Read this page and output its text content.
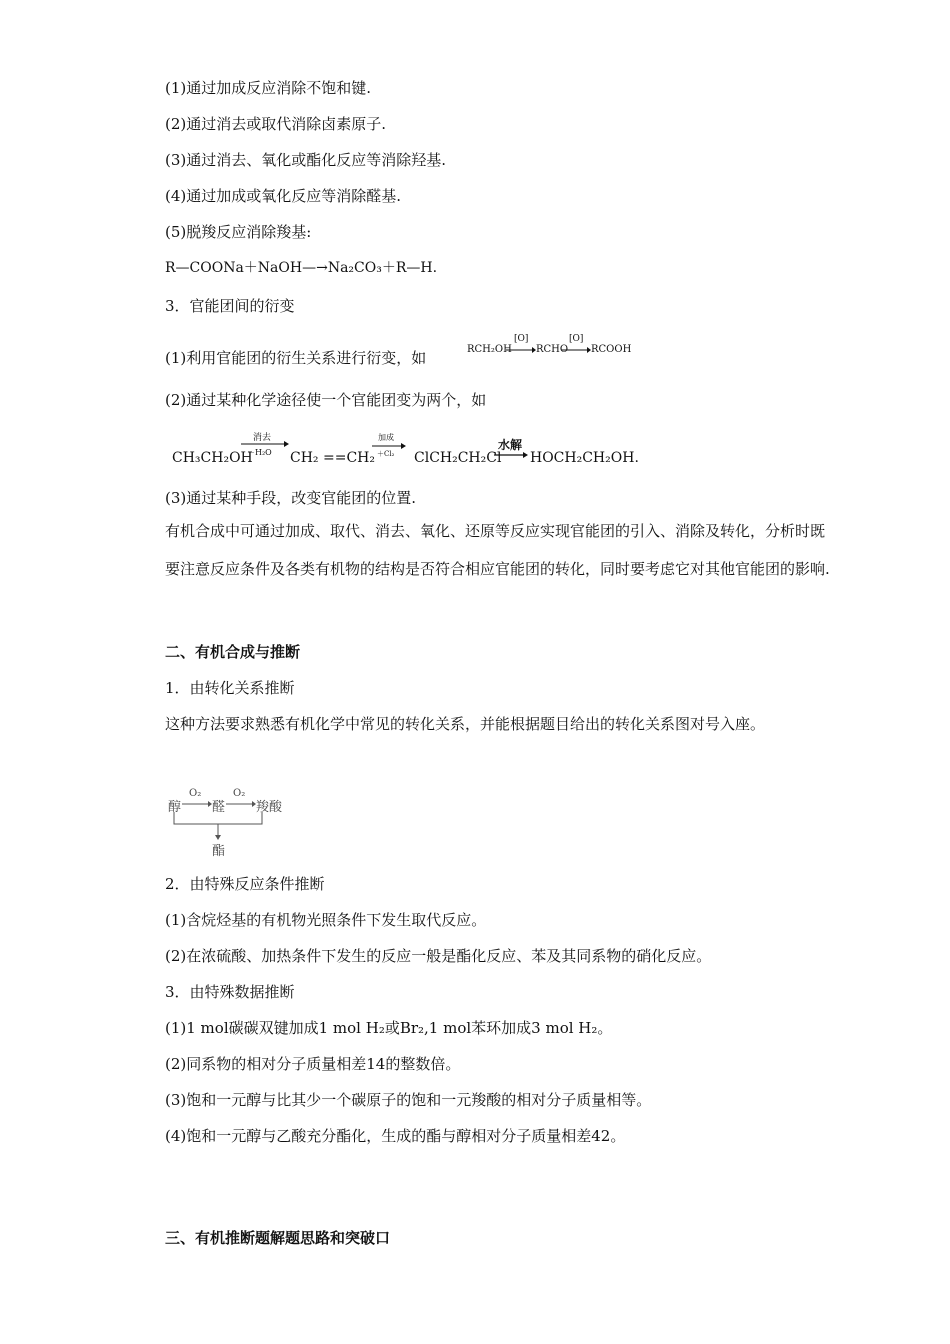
(1)通过加成反应消除不饱和键.
(2)通过消去或取代消除卤素原子.
(3)通过消去、氧化或酯化反应等消除羟基.
(4)通过加成或氧化反应等消除醛基.
(5)脱羧反应消除羧基:
R—COONa＋NaOH—→Na₂CO₃＋R—H.
3．官能团间的衍变
(1)利用官能团的衍生关系进行衍变，如	RCH₂OH
[O]
→ RCHO
[O]
→ RCOOH
(2)通过某种化学途径使一个官能团变为两个，如
CH₃CH₂OH
消去
－H₂O CH₂ ==CH₂
加成
＋Cl₂ ClCH₂CH₂Cl
水解
→ HOCH₂CH₂OH.
(3)通过某种手段，改变官能团的位置.
有机合成中可通过加成、取代、消去、氧化、还原等反应实现官能团的引入、消除及转化，分析时既要注意反应条件及各类有机物的结构是否符合相应官能团的转化，同时要考虑它对其他官能团的影响.
二、有机合成与推断
1．由转化关系推断
这种方法要求熟悉有机化学中常见的转化关系，并能根据题目给出的转化关系图对号入座。
醇
O₂
醛
O₂
羧酸
酯
2．由特殊反应条件推断
(1)含烷烃基的有机物光照条件下发生取代反应。
(2)在浓硫酸、加热条件下发生的反应一般是酯化反应、苯及其同系物的硝化反应。
3．由特殊数据推断
(1)1 mol碳碳双键加成1 mol H₂或Br₂,1 mol苯环加成3 mol H₂。
(2)同系物的相对分子质量相差14的整数倍。
(3)饱和一元醇与比其少一个碳原子的饱和一元羧酸的相对分子质量相等。
(4)饱和一元醇与乙酸充分酯化，生成的酯与醇相对分子质量相差42。
三、有机推断题解题思路和突破口
